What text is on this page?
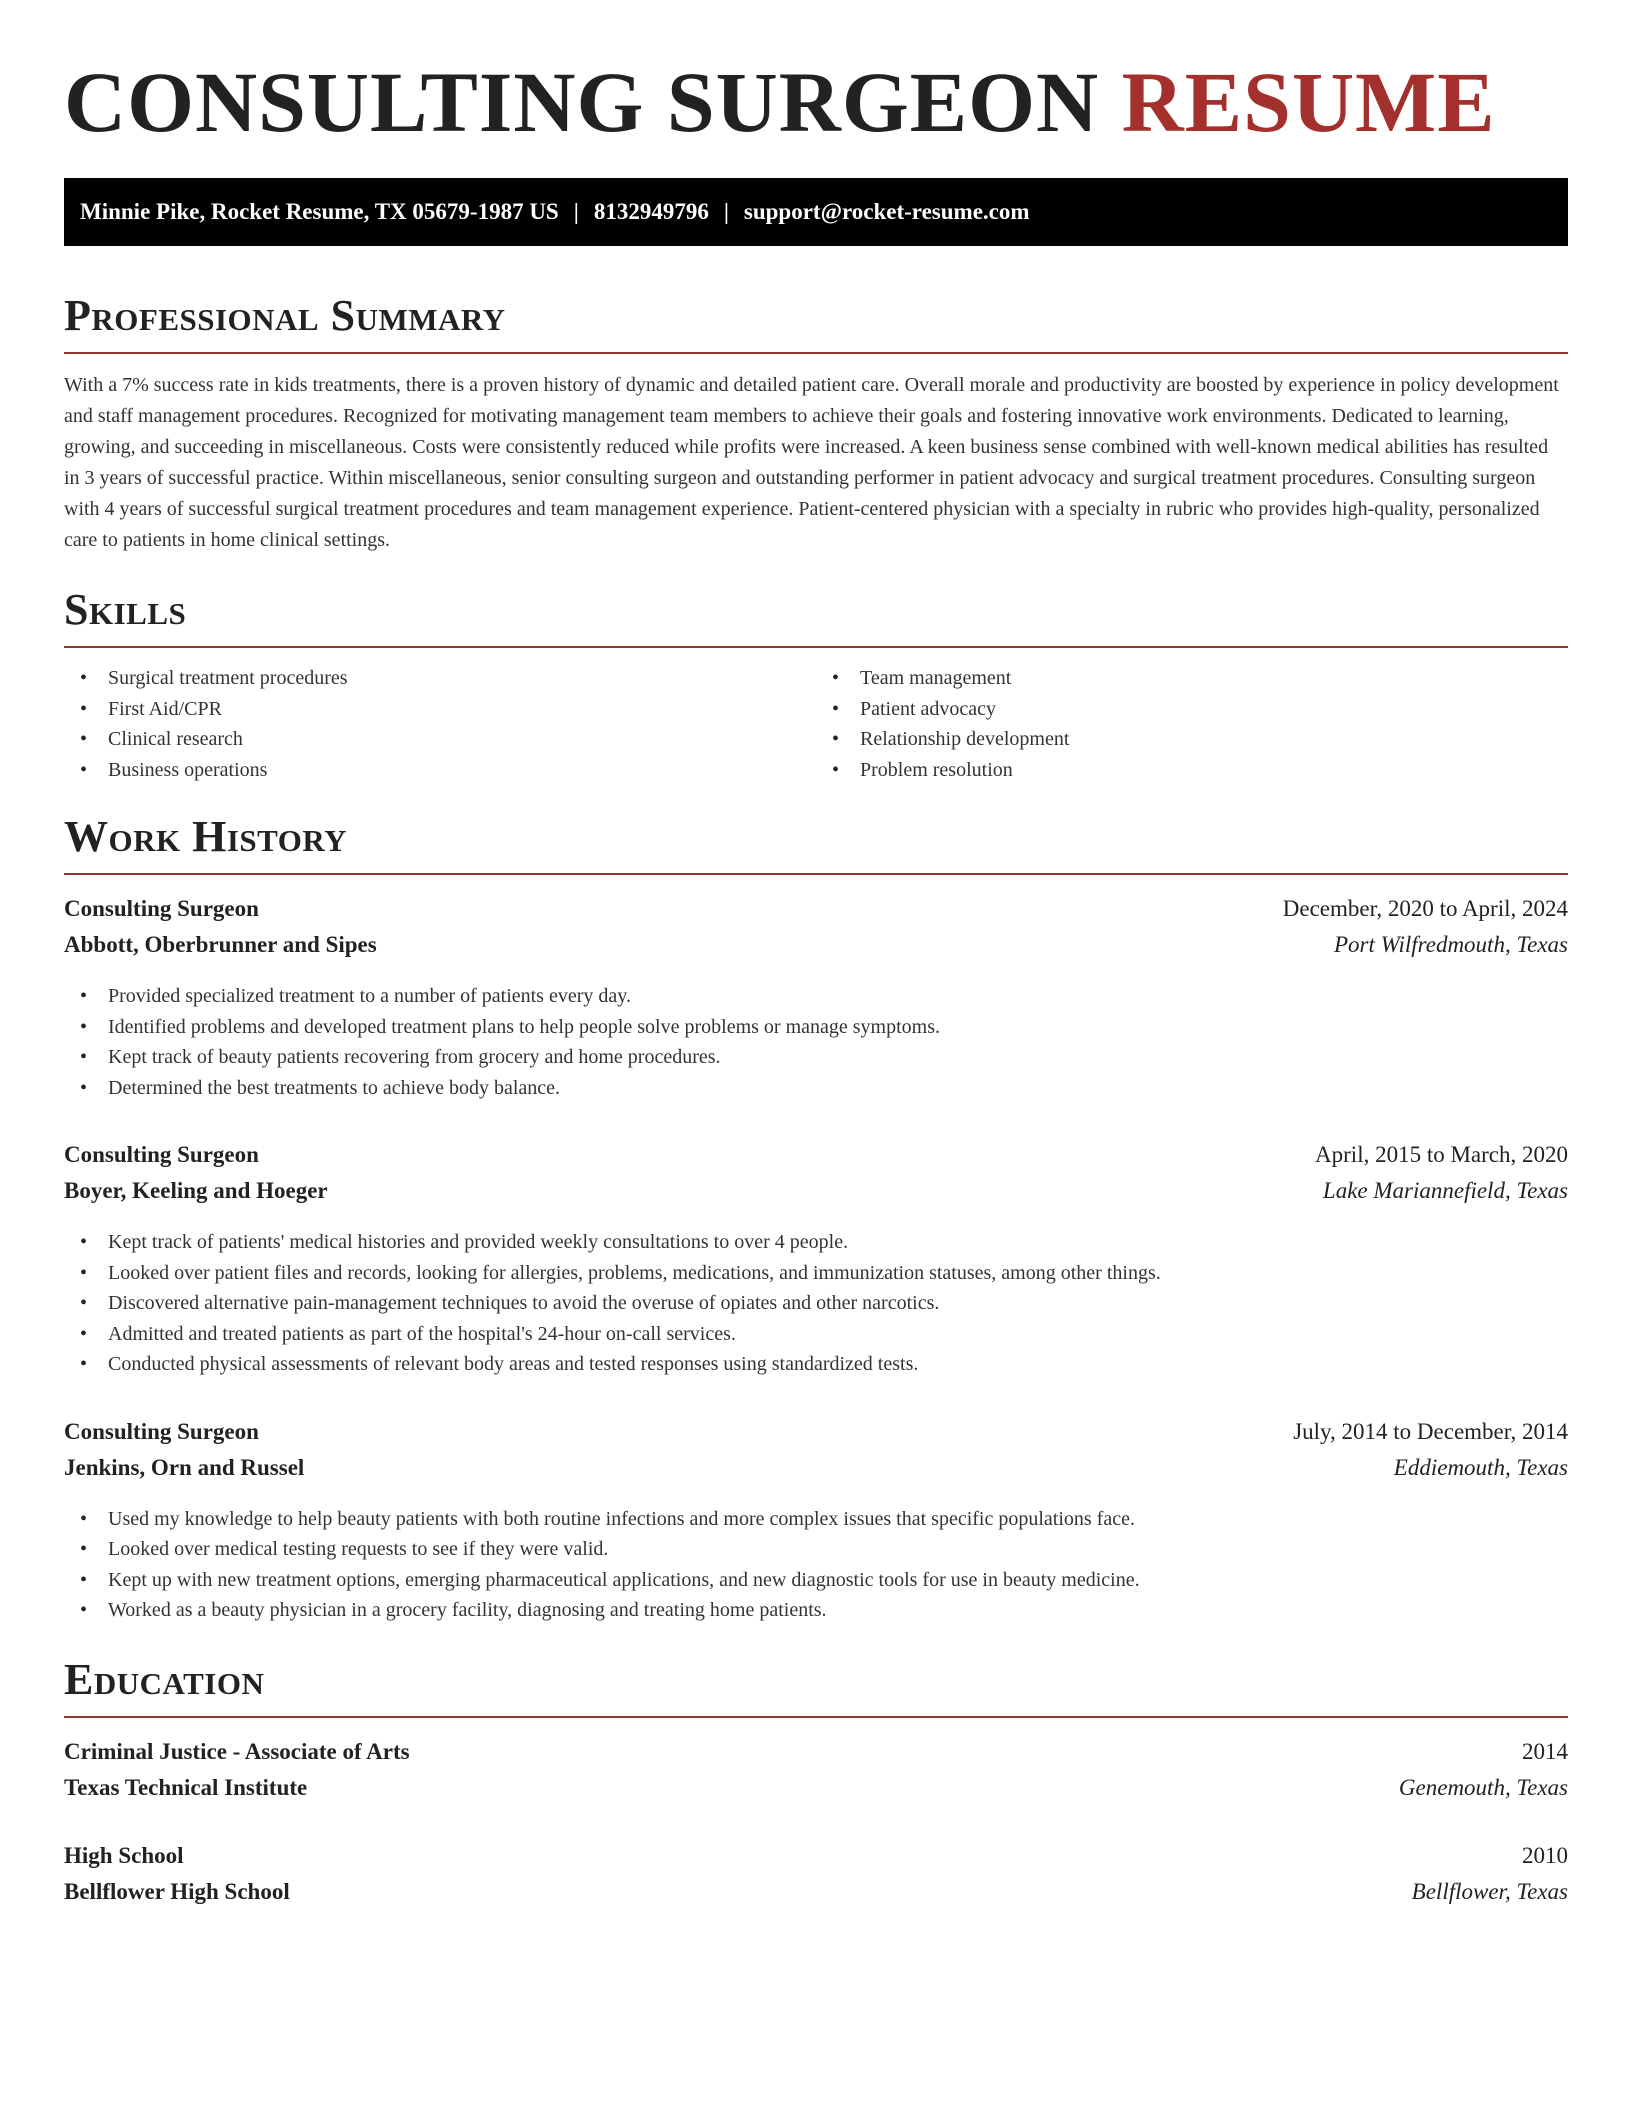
CONSULTING SURGEON RESUME
Minnie Pike, Rocket Resume, TX 05679-1987 US | 8132949796 | support@rocket-resume.com
Professional Summary

With a 7% success rate in kids treatments, there is a proven history of dynamic and detailed patient care. Overall morale and productivity are boosted by experience in policy development and staff management procedures. Recognized for motivating management team members to achieve their goals and fostering innovative work environments. Dedicated to learning, growing, and succeeding in miscellaneous. Costs were consistently reduced while profits were increased. A keen business sense combined with well-known medical abilities has resulted in 3 years of successful practice. Within miscellaneous, senior consulting surgeon and outstanding performer in patient advocacy and surgical treatment procedures. Consulting surgeon with 4 years of successful surgical treatment procedures and team management experience. Patient-centered physician with a specialty in rubric who provides high-quality, personalized care to patients in home clinical settings.

Skills
• Surgical treatment procedures
• First Aid/CPR
• Clinical research
• Business operations
• Team management
• Patient advocacy
• Relationship development
• Problem resolution
Work History
Consulting Surgeon	December, 2020 to April, 2024
Abbott, Oberbrunner and Sipes	Port Wilfredmouth, Texas
• Provided specialized treatment to a number of patients every day.
• Identified problems and developed treatment plans to help people solve problems or manage symptoms.
• Kept track of beauty patients recovering from grocery and home procedures.
• Determined the best treatments to achieve body balance.
Consulting Surgeon	April, 2015 to March, 2020
Boyer, Keeling and Hoeger	Lake Mariannefield, Texas
• Kept track of patients' medical histories and provided weekly consultations to over 4 people.
• Looked over patient files and records, looking for allergies, problems, medications, and immunization statuses, among other things.
• Discovered alternative pain-management techniques to avoid the overuse of opiates and other narcotics.
• Admitted and treated patients as part of the hospital's 24-hour on-call services.
• Conducted physical assessments of relevant body areas and tested responses using standardized tests.
Consulting Surgeon	July, 2014 to December, 2014
Jenkins, Orn and Russel	Eddiemouth, Texas
• Used my knowledge to help beauty patients with both routine infections and more complex issues that specific populations face.
• Looked over medical testing requests to see if they were valid.
• Kept up with new treatment options, emerging pharmaceutical applications, and new diagnostic tools for use in beauty medicine.
• Worked as a beauty physician in a grocery facility, diagnosing and treating home patients.
Education
Criminal Justice - Associate of Arts	2014
Texas Technical Institute	Genemouth, Texas
High School	2010
Bellflower High School	Bellflower, Texas
